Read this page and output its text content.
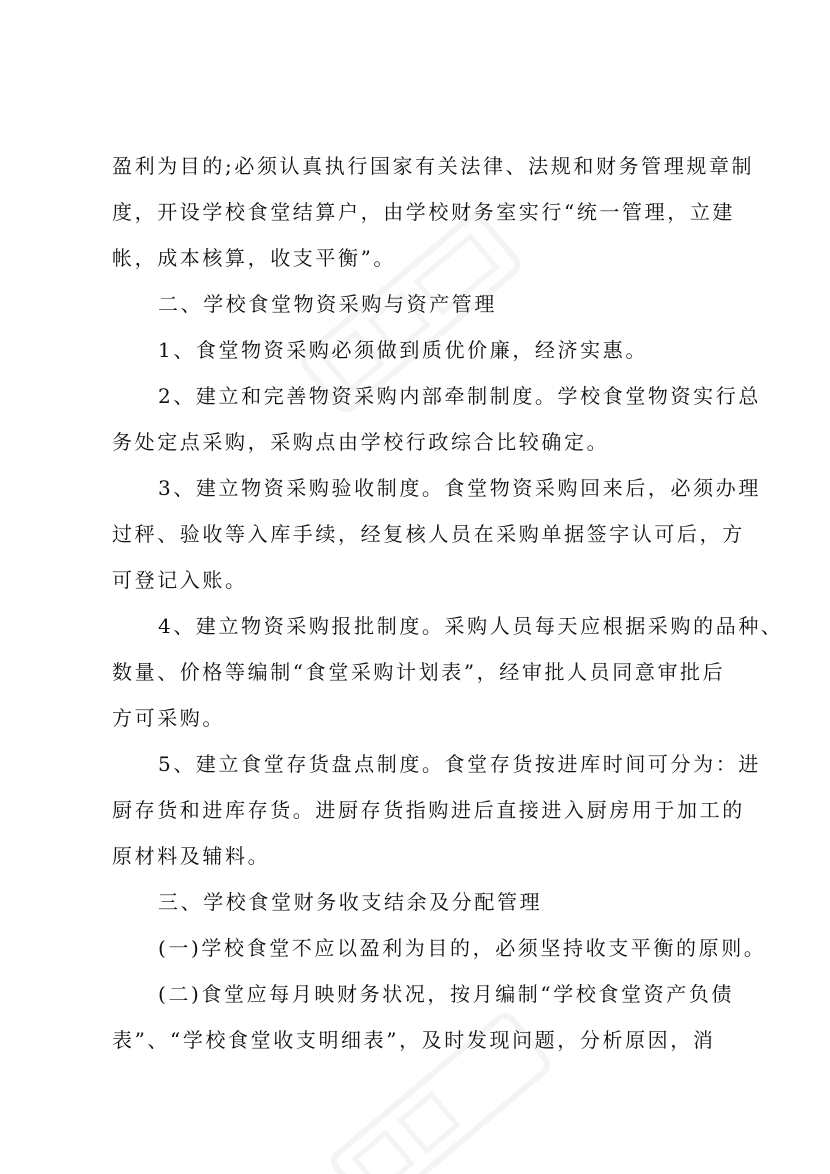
盈利为目的;必须认真执行国家有关法律、法规和财务管理规章制
度，开设学校食堂结算户，由学校财务室实行“统一管理，立建
帐，成本核算，收支平衡”。
二、学校食堂物资采购与资产管理
1、食堂物资采购必须做到质优价廉，经济实惠。
2、建立和完善物资采购内部牵制制度。学校食堂物资实行总
务处定点采购，采购点由学校行政综合比较确定。
3、建立物资采购验收制度。食堂物资采购回来后，必须办理
过秤、验收等入库手续，经复核人员在采购单据签字认可后，方
可登记入账。
4、建立物资采购报批制度。采购人员每天应根据采购的品种、
数量、价格等编制“食堂采购计划表”，经审批人员同意审批后
方可采购。
5、建立食堂存货盘点制度。食堂存货按进库时间可分为：进
厨存货和进库存货。进厨存货指购进后直接进入厨房用于加工的
原材料及辅料。
三、学校食堂财务收支结余及分配管理
(一)学校食堂不应以盈利为目的，必须坚持收支平衡的原则。
(二)食堂应每月映财务状况，按月编制“学校食堂资产负债
表”、“学校食堂收支明细表”，及时发现问题，分析原因，消
